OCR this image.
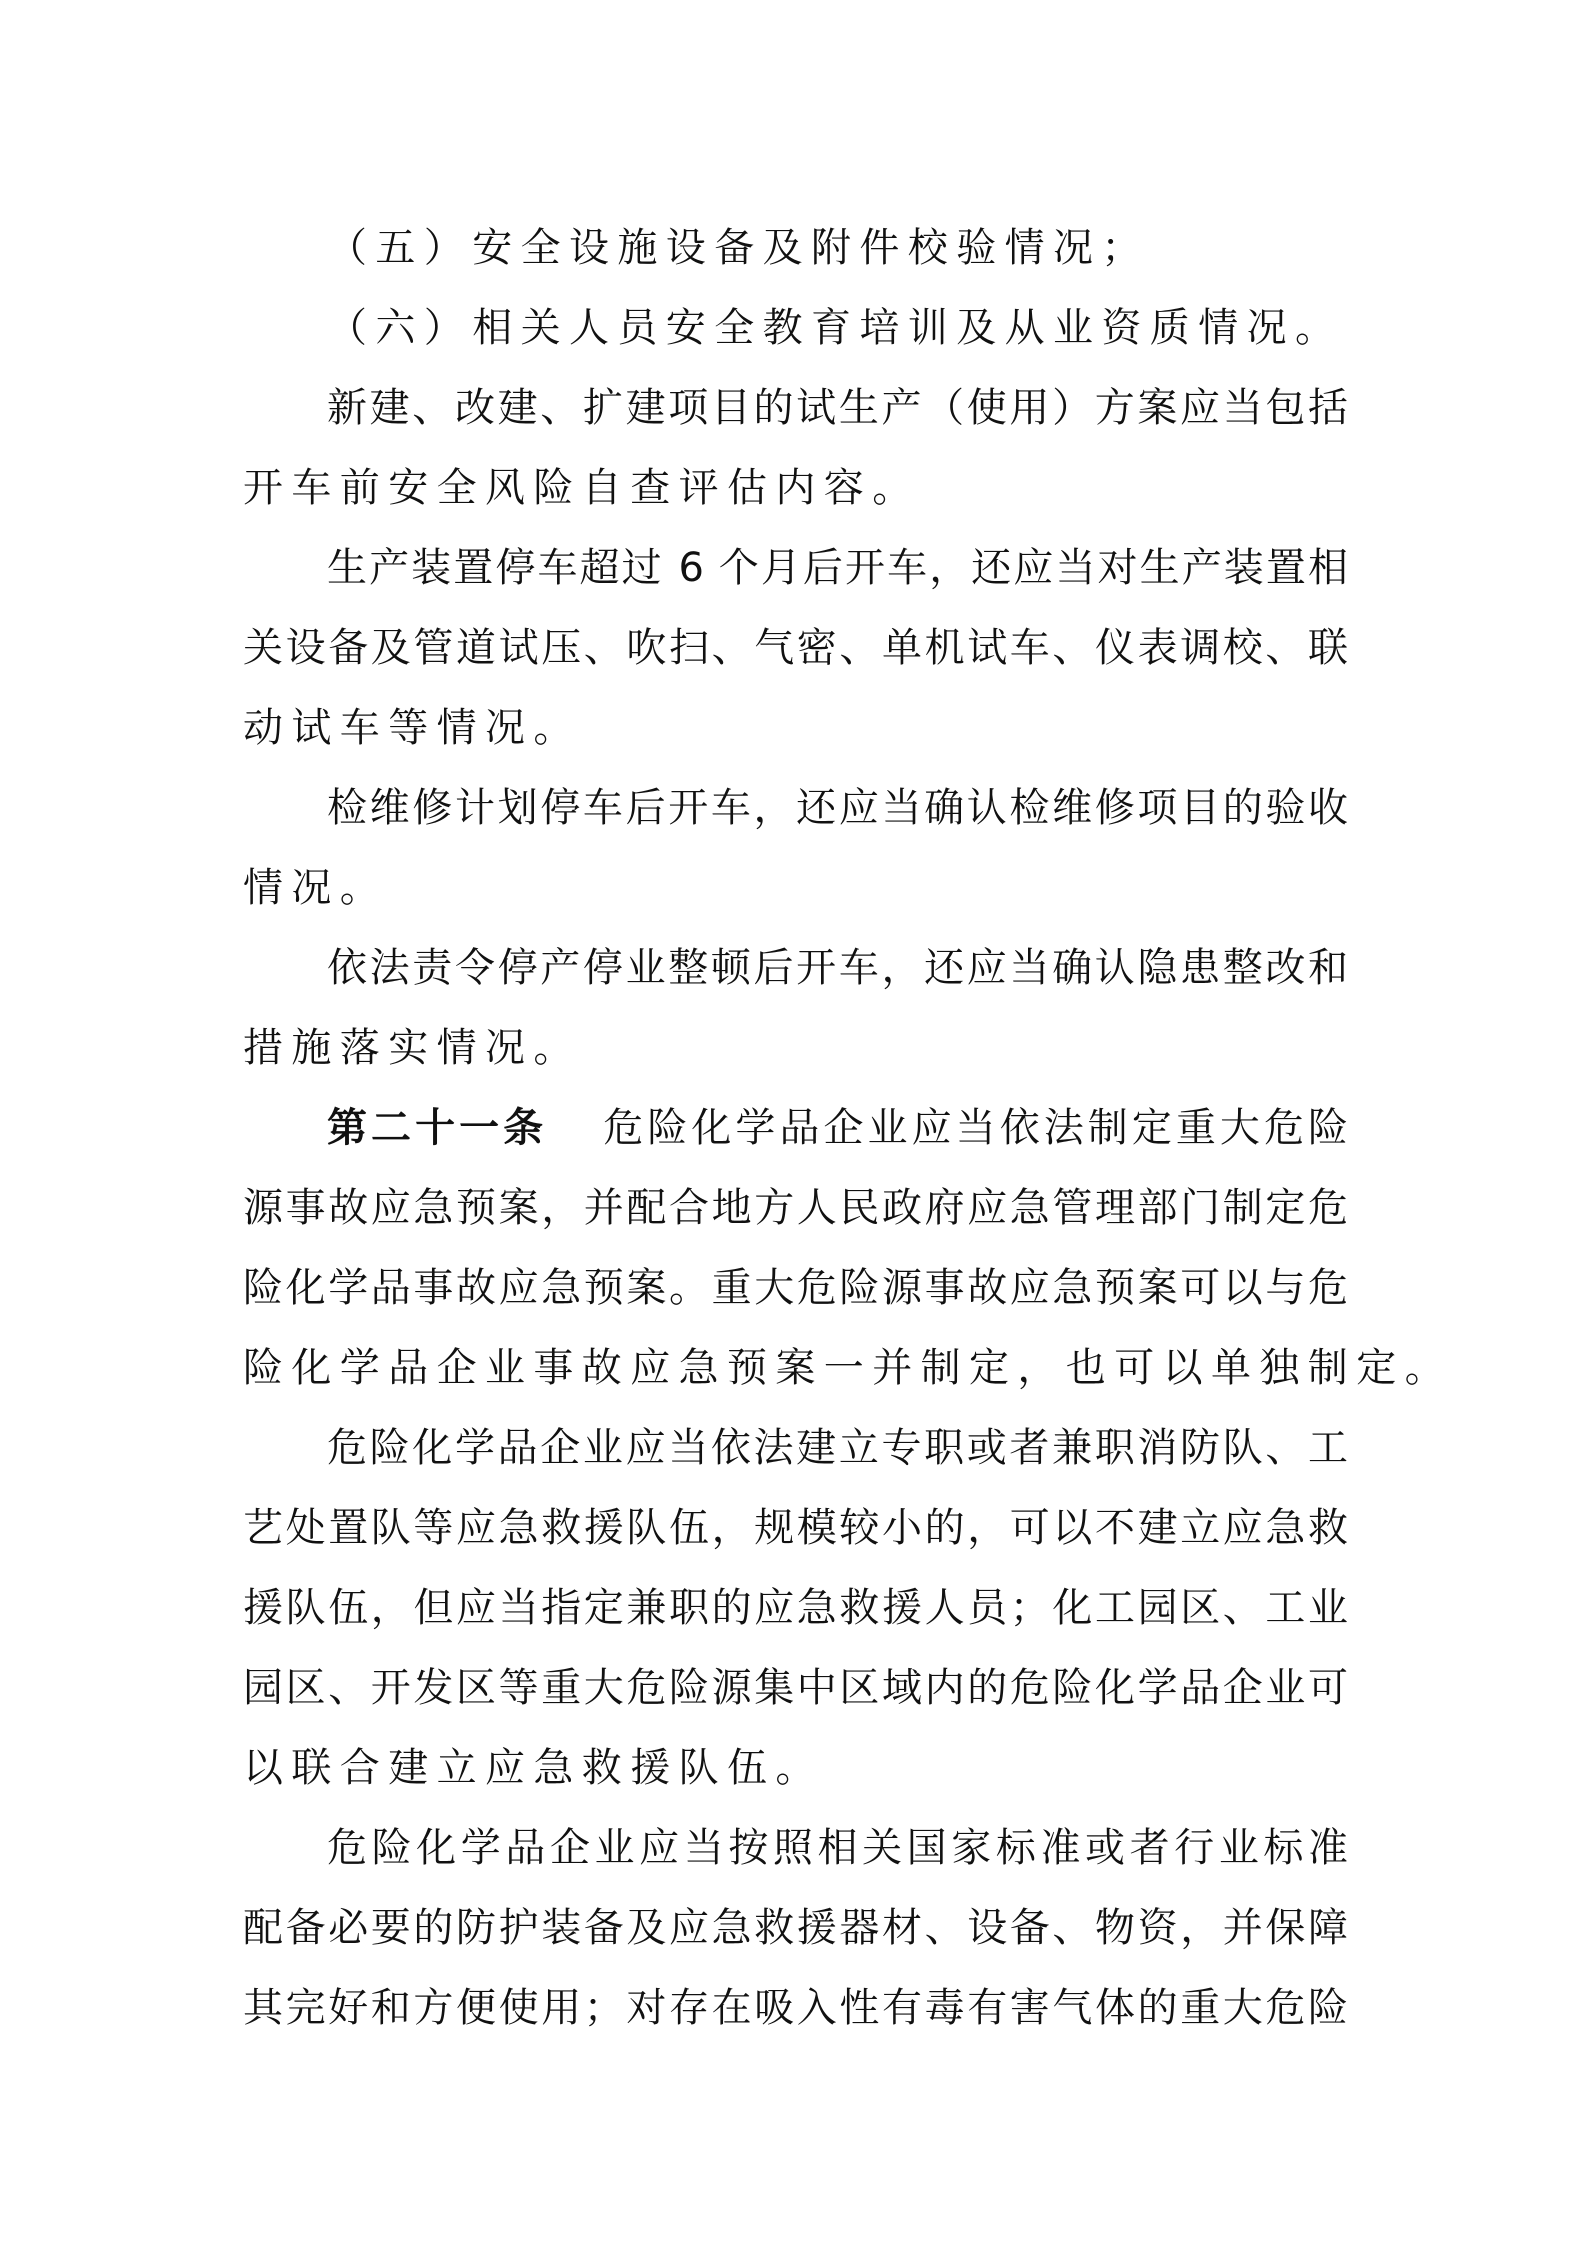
（五）安全设施设备及附件校验情况；
（六）相关人员安全教育培训及从业资质情况。
新建、改建、扩建项目的试生产（使用）方案应当包括
开车前安全风险自查评估内容。
生产装置停车超过 6 个月后开车，还应当对生产装置相
关设备及管道试压、吹扫、气密、单机试车、仪表调校、联
动试车等情况。
检维修计划停车后开车，还应当确认检维修项目的验收
情况。
依法责令停产停业整顿后开车，还应当确认隐患整改和
措施落实情况。
第二十一条 危险化学品企业应当依法制定重大危险
源事故应急预案，并配合地方人民政府应急管理部门制定危
险化学品事故应急预案。重大危险源事故应急预案可以与危
险化学品企业事故应急预案一并制定，也可以单独制定。
危险化学品企业应当依法建立专职或者兼职消防队、工
艺处置队等应急救援队伍，规模较小的，可以不建立应急救
援队伍，但应当指定兼职的应急救援人员；化工园区、工业
园区、开发区等重大危险源集中区域内的危险化学品企业可
以联合建立应急救援队伍。
危险化学品企业应当按照相关国家标准或者行业标准
配备必要的防护装备及应急救援器材、设备、物资，并保障
其完好和方便使用；对存在吸入性有毒有害气体的重大危险
